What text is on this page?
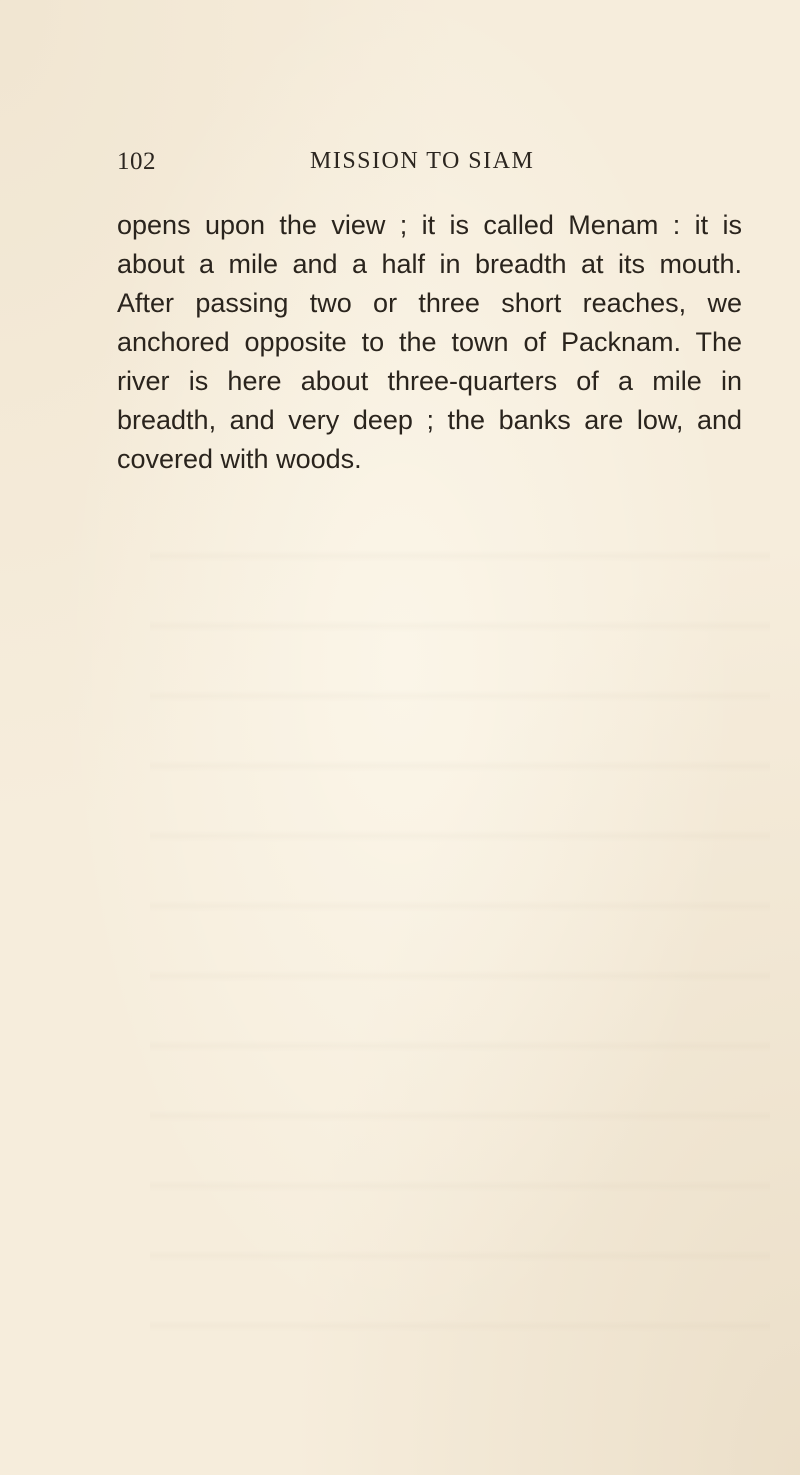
102	MISSION TO SIAM
opens upon the view ; it is called Menam : it is
about a mile and a half in breadth at its mouth.
After passing two or three short reaches, we
anchored opposite to the town of Packnam. The
river is here about three-quarters of a mile in
breadth, and very deep ; the banks are low, and
covered with woods.
